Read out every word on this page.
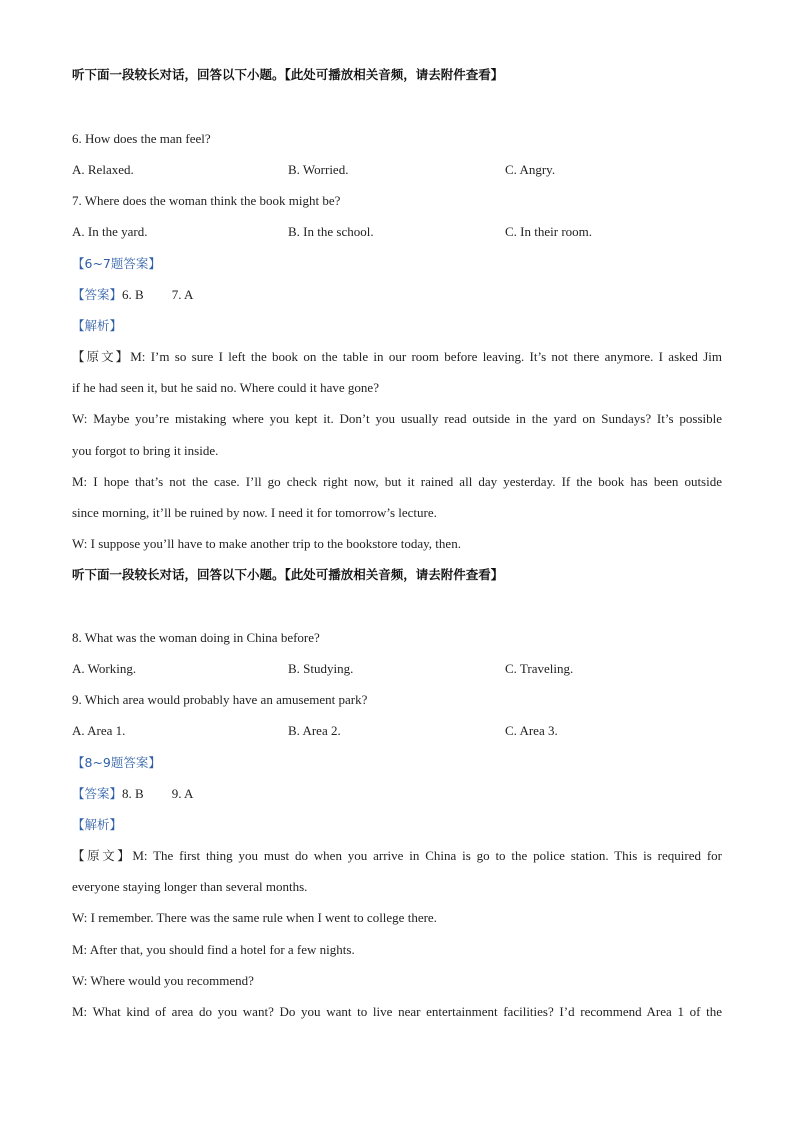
听下面一段较长对话，回答以下小题。【此处可播放相关音频，请去附件查看】
6. How does the man feel?
A. Relaxed.	B. Worried.	C. Angry.
7. Where does the woman think the book might be?
A. In the yard.	B. In the school.	C. In their room.
【6~7题答案】
【答案】6. B 7. A
【解析】
【原文】M: I’m so sure I left the book on the table in our room before leaving. It’s not there anymore. I asked Jim
if he had seen it, but he said no. Where could it have gone?
W: Maybe you’re mistaking where you kept it. Don’t you usually read outside in the yard on Sundays? It’s possible
you forgot to bring it inside.
M: I hope that’s not the case. I’ll go check right now, but it rained all day yesterday. If the book has been outside
since morning, it’ll be ruined by now. I need it for tomorrow’s lecture.
W: I suppose you’ll have to make another trip to the bookstore today, then.
听下面一段较长对话，回答以下小题。【此处可播放相关音频，请去附件查看】
8. What was the woman doing in China before?
A. Working.	B. Studying.	C. Traveling.
9. Which area would probably have an amusement park?
A. Area 1.	B. Area 2.	C. Area 3.
【8~9题答案】
【答案】8. B 9. A
【解析】
【原文】M: The first thing you must do when you arrive in China is go to the police station. This is required for
everyone staying longer than several months.
W: I remember. There was the same rule when I went to college there.
M: After that, you should find a hotel for a few nights.
W: Where would you recommend?
M: What kind of area do you want? Do you want to live near entertainment facilities? I’d recommend Area 1 of the
